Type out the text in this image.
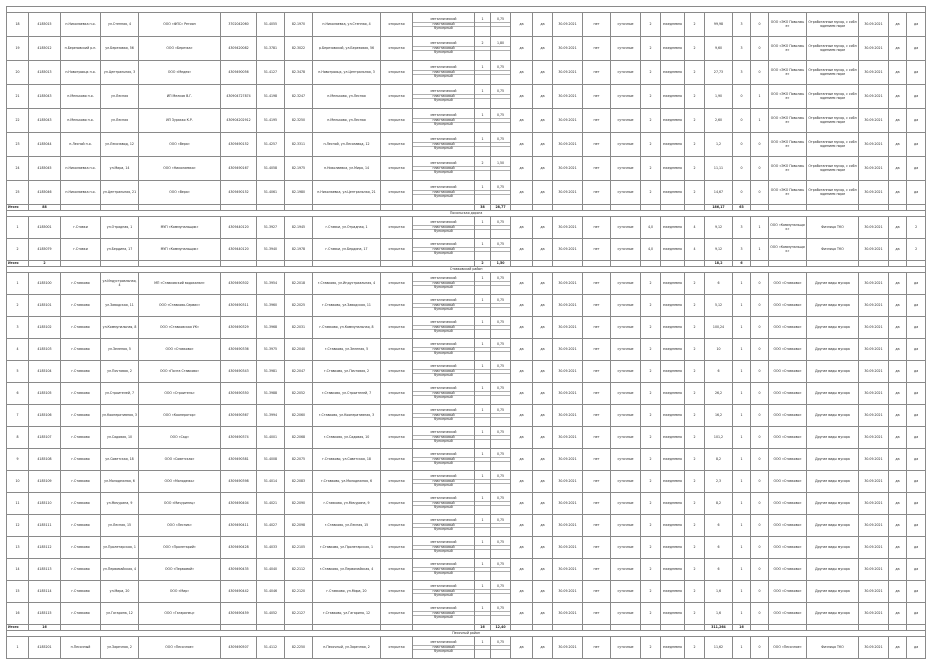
18	4185015	п.Николаевка п.о.	ул.Степная, 4	ООО «ФПС» Регион	3702042060	51.4055	82.1970	п.Николаевка, ул.Степная, 4	открытая	металлический
пластиковый
бункерный	1	0,75	да	да	30.09.2021	нет	суточные	2	ежедневно	2	99,98	3	0	ООО «ЭКО Поволжье»	Отработанные мусор, с соблюдением норм	30.09.2021	да	да
19	4185012	п.Березовский р.п.	ул.Березовая, 56	ООО «Березка»	4309420082	51.3781	82.3022	р.Березовский, ул.Березовая, 56	открытая	металлический
пластиковый
бункерный	2	1,80	да	да	30.09.2021	нет	суточные	2	ежедневно	2	9,60	3	0	ООО «ЭКО Поволжье»	Отработанные мусор, с соблюдением норм	30.09.2021	да	да
20	4185013	п.Новотроицк п.о.	ул.Центральная, 3	ООО «Медея»	4309490056	51.4127	82.3478	п.Новотроицк, ул.Центральная, 3	открытая	металлический
пластиковый
бункерный	1	0,75	да	да	30.09.2021	нет	суточные	2	ежедневно	2	27,73	3	0	ООО «ЭКО Поволжье»	Отработанные мусор, с соблюдением норм	30.09.2021	да	да
21	4185043	п.Мельково п.о.	ул.Лесная	ИП Мелков В.Г.	430904727874	51.4198	82.3247	п.Мельково, ул.Лесная	открытая	металлический
пластиковый
бункерный	1	0,75	да	да	30.09.2021	нет	суточные	2	ежедневно	2	1,90	0	1	ООО «ЭКО Поволжье»	Отработанные мусор, с соблюдением норм	30.09.2021	да	да
22	4185043	п.Мельково п.о.	ул.Лесная	ИП Зуракко К.Р.	430904202912	51.4195	82.3250	п.Мельково, ул.Лесная	открытая	металлический
пластиковый
бункерный	1	0,75	да	да	30.09.2021	нет	суточные	2	ежедневно	2	2,60	0	1	ООО «ЭКО Поволжье»	Отработанные мусор, с соблюдением норм	30.09.2021	да	да
23	4185044	п.Лесной п.о.	ул.Лесозавод, 12	ООО «Вера»	4309490152	51.4257	82.3311	п.Лесной, ул.Лесозавод, 12	открытая	металлический
пластиковый
бункерный	1	0,75	да	да	30.09.2021	нет	суточные	2	ежедневно	2	1,2	0	0	ООО «ЭКО Поволжье»	Отработанные мусор, с соблюдением норм	30.09.2021	да	да
24	4185045	п.Николаевка п.о.	ул.Мира, 14	ООО «Николаевка»	4309490167	51.4058	82.1975	п.Николаевка, ул.Мира, 14	открытая	металлический
пластиковый
бункерный	2	1,50	да	да	30.09.2021	нет	суточные	2	ежедневно	2	11,11	0	0	ООО «ЭКО Поволжье»	Отработанные мусор, с соблюдением норм	30.09.2021	да	да
25	4185046	п.Николаевка п.о.	ул.Центральная, 21	ООО «Вера»	4309490152	51.4061	82.1980	п.Николаевка, ул.Центральная, 21	открытая	металлический
пластиковый
бункерный	1	0,75	да	да	30.09.2021	нет	суточные	2	ежедневно	2	14,67	0	0	ООО «ЭКО Поволжье»	Отработанные мусор, с соблюдением норм	30.09.2021	да	да
Итого	88										38	28,77									186,17	63						
Посольская дорога																												
1	4185001	г.Ставки	ул.Отрадная, 1	МУП «Коммунальщик»	4309440120	51.3927	82.1945	г.Ставки, ул.Отрадная, 1	открытая	металлический
пластиковый
бункерный	1	0,75	да	да	30.09.2021	нет	суточные	4,0	ежедневно	4	9,12	3	1	ООО «Коммунальщик»	Физлица ТКО	30.09.2021	да	2
2	4185079	г.Ставки	ул.Бердина, 17	МУП «Коммунальщик»	4309440120	51.3940	82.1978	г.Ставки, ул.Бердина, 17	открытая	металлический
пластиковый
бункерный	1	0,75	да	да	30.09.2021	нет	суточные	4,0	ежедневно	4	9,12	3	1	ООО «Коммунальщик»	Физлица ТКО	30.09.2021	да	2
Итого	2										2	1,50									18,2	6						
Ставковский район																												
1	4185100	г.Ставково	ул.Индустриальная, 4	МП «Ставковский водоканал»	4309490302	51.3954	82.2018	г.Ставково, ул.Индустриальная, 4	открытая	металлический
пластиковый
бункерный	1	0,75	да	да	30.09.2021	нет	суточные	2	ежедневно	2	6	1	0	ООО «Ставково»	Другие виды мусора	30.09.2021	да	да
2	4185101	г.Ставково	ул.Заводская, 11	ООО «Ставково-Сервис»	4309490311	51.3960	82.2025	г.Ставково, ул.Заводская, 11	открытая	металлический
пластиковый
бункерный	1	0,75	да	да	30.09.2021	нет	суточные	2	ежедневно	2	5,12	1	0	ООО «Ставково»	Другие виды мусора	30.09.2021	да	да
3	4185102	г.Ставково	ул.Коммунальная, 8	ООО «Ставковская УК»	4309490329	51.3968	82.2031	г.Ставково, ул.Коммунальная, 8	открытая	металлический
пластиковый
бункерный	1	0,75	да	да	30.09.2021	нет	суточные	2	ежедневно	2	100,24	1	0	ООО «Ставково»	Другие виды мусора	30.09.2021	да	да
4	4185103	г.Ставково	ул.Зеленая, 5	ООО «Ставково»	4309490336	51.3975	82.2040	г.Ставково, ул.Зеленая, 5	открытая	металлический
пластиковый
бункерный	1	0,75	да	да	30.09.2021	нет	суточные	2	ежедневно	2	10	1	0	ООО «Ставково»	Другие виды мусора	30.09.2021	да	да
5	4185104	г.Ставково	ул.Почтовая, 2	ООО «Почта Ставково»	4309490343	51.3981	82.2047	г.Ставково, ул.Почтовая, 2	открытая	металлический
пластиковый
бункерный	1	0,75	да	да	30.09.2021	нет	суточные	2	ежедневно	2	6	1	0	ООО «Ставково»	Другие виды мусора	30.09.2021	да	да
6	4185105	г.Ставково	ул.Строителей, 7	ООО «Строитель»	4309490350	51.3988	82.2052	г.Ставково, ул.Строителей, 7	открытая	металлический
пластиковый
бункерный	1	0,75	да	да	30.09.2021	нет	суточные	2	ежедневно	2	26,2	1	0	ООО «Ставково»	Другие виды мусора	30.09.2021	да	да
7	4185106	г.Ставково	ул.Кооперативная, 3	ООО «Кооператор»	4309490367	51.3994	82.2060	г.Ставково, ул.Кооперативная, 3	открытая	металлический
пластиковый
бункерный	1	0,75	да	да	30.09.2021	нет	суточные	2	ежедневно	2	16,2	1	0	ООО «Ставково»	Другие виды мусора	30.09.2021	да	да
8	4185107	г.Ставково	ул.Садовая, 10	ООО «Сад»	4309490374	51.4001	82.2068	г.Ставково, ул.Садовая, 10	открытая	металлический
пластиковый
бункерный	1	0,75	да	да	30.09.2021	нет	суточные	2	ежедневно	2	101,2	1	0	ООО «Ставково»	Другие виды мусора	30.09.2021	да	да
9	4185108	г.Ставково	ул.Советская, 18	ООО «Советская»	4309490381	51.4008	82.2075	г.Ставково, ул.Советская, 18	открытая	металлический
пластиковый
бункерный	1	0,75	да	да	30.09.2021	нет	суточные	2	ежедневно	2	8,2	1	0	ООО «Ставково»	Другие виды мусора	30.09.2021	да	да
10	4185109	г.Ставково	ул.Молодежная, 6	ООО «Молодежь»	4309490398	51.4014	82.2083	г.Ставково, ул.Молодежная, 6	открытая	металлический
пластиковый
бункерный	1	0,75	да	да	30.09.2021	нет	суточные	2	ежедневно	2	2,3	1	0	ООО «Ставково»	Другие виды мусора	30.09.2021	да	да
11	4185110	г.Ставково	ул.Мичурина, 9	ООО «Мичуринец»	4309490404	51.4021	82.2090	г.Ставково, ул.Мичурина, 9	открытая	металлический
пластиковый
бункерный	1	0,75	да	да	30.09.2021	нет	суточные	2	ежедневно	2	8,2	1	0	ООО «Ставково»	Другие виды мусора	30.09.2021	да	да
12	4185111	г.Ставково	ул.Лесная, 15	ООО «Лесник»	4309490411	51.4027	82.2098	г.Ставково, ул.Лесная, 15	открытая	металлический
пластиковый
бункерный	1	0,75	да	да	30.09.2021	нет	суточные	2	ежедневно	2	6	1	0	ООО «Ставково»	Другие виды мусора	30.09.2021	да	да
13	4185112	г.Ставково	ул.Пролетарская, 1	ООО «Пролетарий»	4309490428	51.4033	82.2105	г.Ставково, ул.Пролетарская, 1	открытая	металлический
пластиковый
бункерный	1	0,75	да	да	30.09.2021	нет	суточные	2	ежедневно	2	6	1	0	ООО «Ставково»	Другие виды мусора	30.09.2021	да	да
14	4185113	г.Ставково	ул.Первомайская, 4	ООО «Первомай»	4309490435	51.4040	82.2112	г.Ставково, ул.Первомайская, 4	открытая	металлический
пластиковый
бункерный	1	0,75	да	да	30.09.2021	нет	суточные	2	ежедневно	2	6	1	0	ООО «Ставково»	Другие виды мусора	30.09.2021	да	да
15	4185114	г.Ставково	ул.Мира, 20	ООО «Мир»	4309490442	51.4046	82.2120	г.Ставково, ул.Мира, 20	открытая	металлический
пластиковый
бункерный	1	0,75	да	да	30.09.2021	нет	суточные	2	ежедневно	2	1,6	1	0	ООО «Ставково»	Другие виды мусора	30.09.2021	да	да
16	4185115	г.Ставково	ул.Гагарина, 12	ООО «Гагаринец»	4309490459	51.4052	82.2127	г.Ставково, ул.Гагарина, 12	открытая	металлический
пластиковый
бункерный	1	0,75	да	да	30.09.2021	нет	суточные	2	ежедневно	2	1,6	1	0	ООО «Ставково»	Другие виды мусора	30.09.2021	да	да
Итого	16										16	12,40									311,264	16						
Песочный район																												
1	4185201	п.Песочный	ул.Заречная, 2	ООО «Песочное»	4309490507	51.4112	82.2250	п.Песочный, ул.Заречная, 2	открытая	металлический
пластиковый
бункерный	1	0,75	да	да	30.09.2021	нет	суточные	2	ежедневно	2	11,62	1	0	ООО «Песочное»	Физлица ТКО	30.09.2021	да	да
